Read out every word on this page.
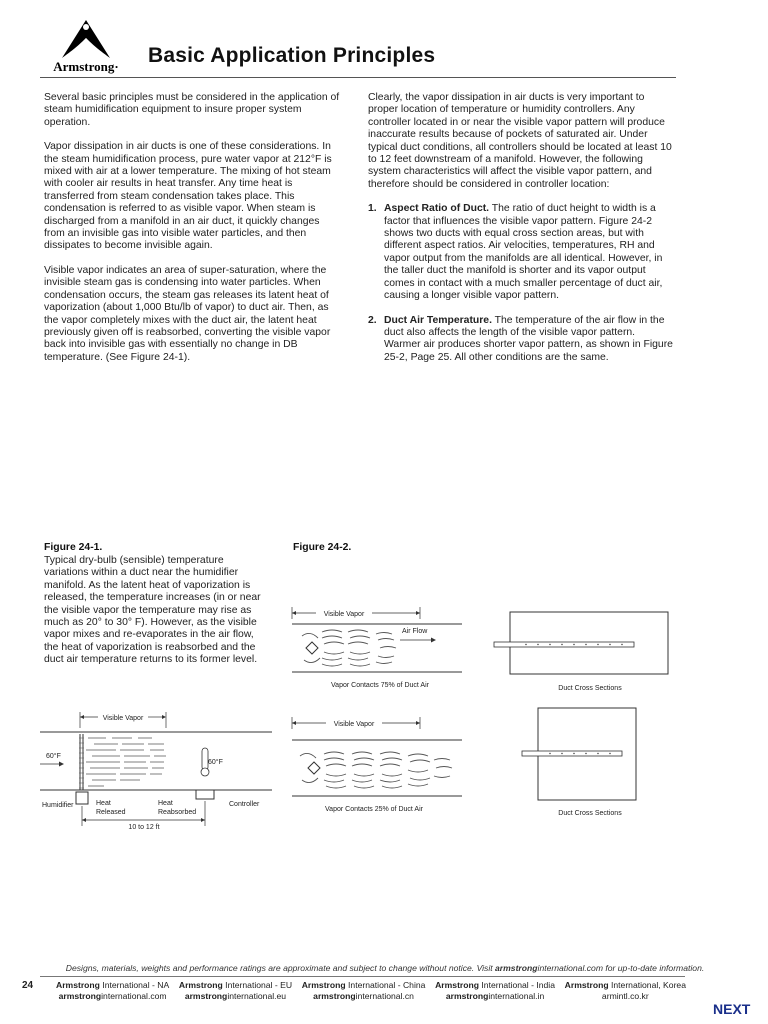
Armstrong·	Basic Application Principles

Several basic principles must be considered in the application of steam humidification equipment to insure proper system operation.

Vapor dissipation in air ducts is one of these considerations. In the steam humidification process, pure water vapor at 212°F is mixed with air at a lower temperature. The mixing of hot steam with cooler air results in heat transfer. Any time heat is transferred from steam condensation takes place. This condensation is referred to as visible vapor. When steam is discharged from a manifold in an air duct, it quickly changes from an invisible gas into visible water particles, and then dissipates to become invisible again.

Visible vapor indicates an area of super-saturation, where the invisible steam gas is condensing into water particles. When condensation occurs, the steam gas releases its latent heat of vaporization (about 1,000 Btu/lb of vapor) to duct air. Then, as the vapor completely mixes with the duct air, the latent heat previously given off is reabsorbed, converting the visible vapor back into invisible gas with essentially no change in DB temperature. (See Figure 24-1).

Clearly, the vapor dissipation in air ducts is very important to proper location of temperature or humidity controllers. Any controller located in or near the visible vapor pattern will produce inaccurate results because of pockets of saturated air. Under typical duct conditions, all controllers should be located at least 10 to 12 feet downstream of a manifold. However, the following system characteristics will affect the visible vapor pattern, and therefore should be considered in controller location:

1. Aspect Ratio of Duct. The ratio of duct height to width is a factor that influences the visible vapor pattern. Figure 24-2 shows two ducts with equal cross section areas, but with different aspect ratios. Air velocities, temperatures, RH and vapor output from the manifolds are all identical. However, in the taller duct the manifold is shorter and its vapor output comes in contact with a much smaller percentage of duct air, causing a longer visible vapor pattern.
2. Duct Air Temperature. The temperature of the air flow in the duct also affects the length of the visible vapor pattern. Warmer air produces shorter vapor pattern, as shown in Figure 25-2, Page 25. All other conditions are the same.
Figure 24-1.
Typical dry-bulb (sensible) temperature variations within a duct near the humidifier manifold. As the latent heat of vaporization is released, the temperature increases (in or near the visible vapor the temperature may rise as much as 20° to 30° F). However, as the visible vapor mixes and re-evaporates in the air flow, the heat of vaporization is reabsorbed and the duct air temperature returns to its former level.
Visible Vapor
60°F
60°F
Humidifier	Heat
Released
Heat
Reabsorbed
Controller
10 to 12 ft
Figure 24-2.
Visible Vapor
Air Flow
Vapor Contacts 75% of Duct Air	Duct Cross Sections
Visible Vapor
Vapor Contacts 25% of Duct Air
Duct Cross Sections
Designs, materials, weights and performance ratings are approximate and subject to change without notice. Visit armstronginternational.com for up-to-date information.
24	Armstrong International - NA
armstronginternational.com
Armstrong International - EU
armstronginternational.eu
Armstrong International - China
armstronginternational.cn
Armstrong International - India
armstronginternational.in
Armstrong International, Korea
armintl.co.kr
NEXT
